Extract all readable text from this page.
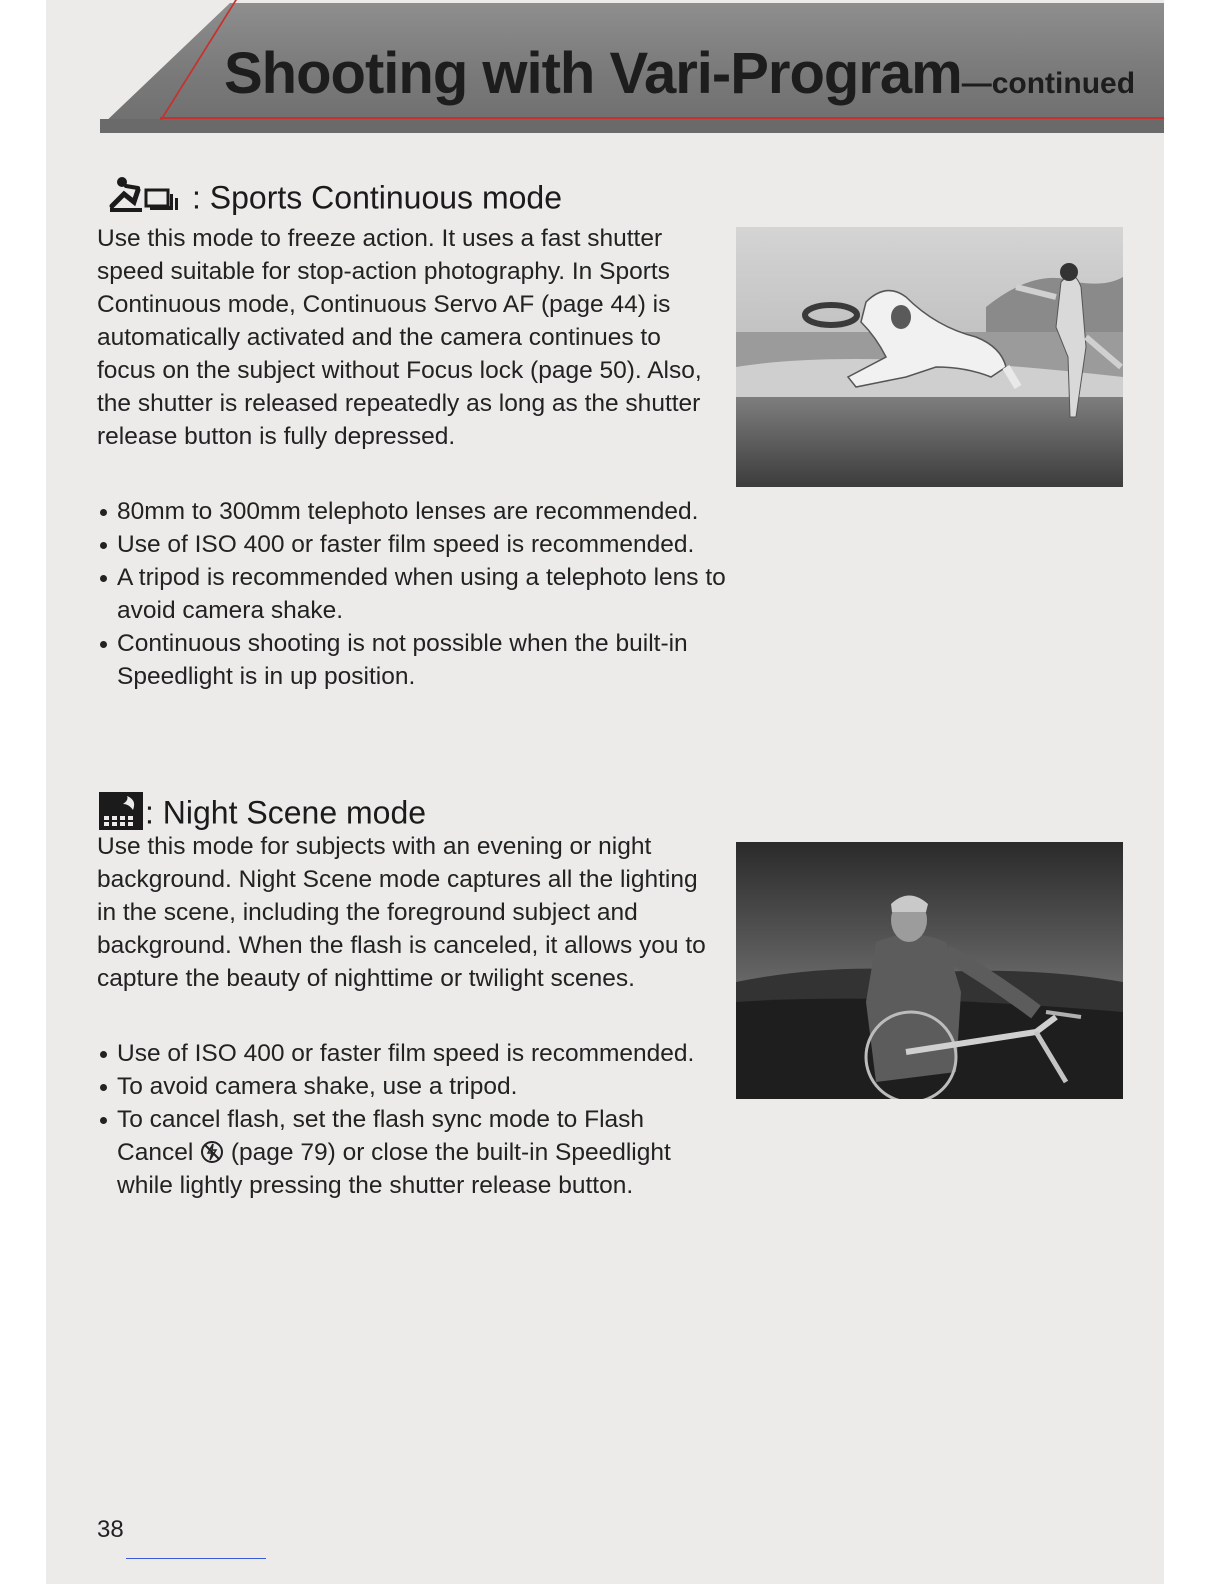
Shooting with Vari-Program—continued
: Sports Continuous mode
Use this mode to freeze action. It uses a fast shutter speed suitable for stop-action photography. In Sports Continuous mode, Continuous Servo AF (page 44) is automatically activated and the camera continues to focus on the subject without Focus lock (page 50). Also, the shutter is released repeatedly as long as the shutter release button is fully depressed.
80mm to 300mm telephoto lenses are recommended.
Use of ISO 400 or faster film speed is recommended.
A tripod is recommended when using a telephoto lens to avoid camera shake.
Continuous shooting is not possible when the built-in Speedlight is in up position.
: Night Scene mode
Use this mode for subjects with an evening or night background. Night Scene mode captures all the lighting in the scene, including the foreground subject and background. When the flash is canceled, it allows you to capture the beauty of nighttime or twilight scenes.
Use of ISO 400 or faster film speed is recommended.
To avoid camera shake, use a tripod.
To cancel flash, set the flash sync mode to Flash Cancel  (page 79) or close the built-in Speedlight while lightly pressing the shutter release button.
38
